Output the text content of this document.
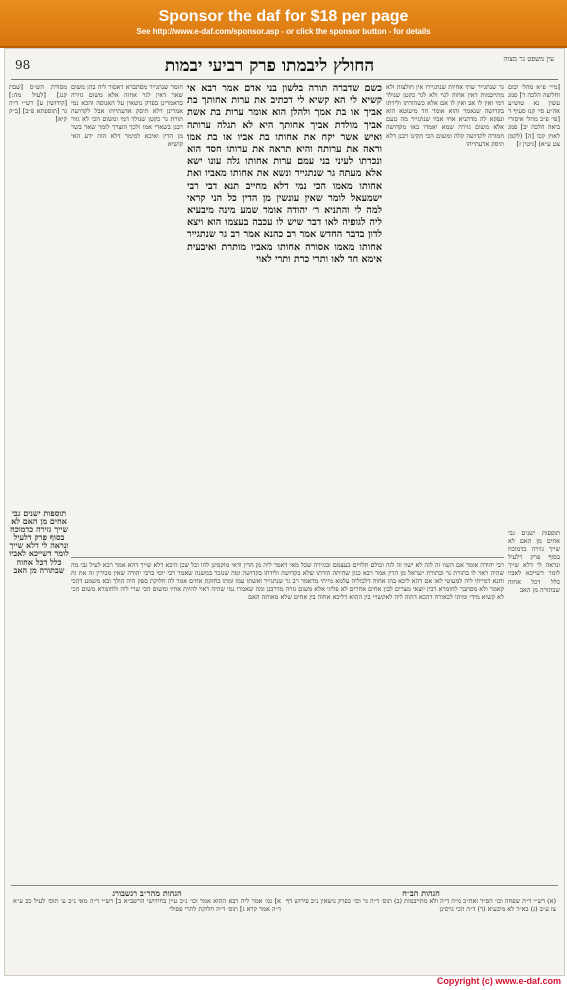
Sponsor the daf for $18 per page
See http://www.e-daf.com/sponsor.asp - or click the sponsor button - for details
98	החולץ ליבמתו פרק רביעי יבמות	עין משפט נר מצוה
מסורת הש״ס [שבת קנג] [לעיל מה:] [קידושין ע] רש״י ד״ה גר [תוספתא פ״ב] [ב״ק קיא]
[מיי׳ פ״א מהל׳ יבום וחליצה הלכה ד] סמג עשין נא טוש״ע אה״ע סי׳ קנז סעיף ד [פי׳ פ״ב מהל׳ איסורי ביאה הלכה יב] סמג לאוין קכו [ה] (לקמן צט ע״א) [גיטין ז]
חומר שנתגייר מסתברא דאסור ליה בהן משום שאר דאין לגר אחוה אלא משום גזירה כדאמרינן בפרק נושאין על האנוסה והכא נמי אמרינן דלא תיסק אדעתייהו אבל לקדושה תורת גר כקטן שנולד דמי ומשום הכי לא גזור רבנן בשארי אמו ולכך הוצרך לומר שאר בשר מן הדין ואיכא למימר דלא הוה ידע האי קושיא
גר שנתגייר שתי אחיות שנתגיירו אין חולצות ולא מתייבמות דאין אחוה לגוי ולא לגר כקטן שנולד דמי ואין לו אב ואין לו אם אלא כשהורתו ולידתו בקדושה שנאמר והוא אומר חד מיעוטא הוא ונפקא לה מדתניא אחי אביו שנתגייר מה טעם אלא משום גזירה שמא יאמרו באו מקדושה חמורה לקדושה קלה ומשום הכי תקינו רבנן דלא תיסק אדעתייהו
כשם שדברה תורה בלשון בני אדם אמר רבא אי קשיא לי הא קשיא לי דכתיב את ערות אחותך בת אביך או בת אמך ולהלן הוא אומר ערות בת אשת אביך מולדת אביך אחותך היא לא תגלה ערותה ואיש אשר יקח את אחותו בת אביו או בת אמו וראה את ערותה והיא תראה את ערותו חסד הוא ונכרתו לעיני בני עמם ערות אחותו גלה עונו ישא אלא מעתה גר שנתגייר ונשא את אחותו מאביו ואת אחותו מאמו הכי נמי דלא מחייב תנא דבי רבי ישמעאל לומר שאין עונשין מן הדין כל הני קראי למה לי והתניא ר׳ יהודה אומר שמע מינה מיבעיא ליה לגופיה לאו דבר שיש לו עכבה בעצמו הוא ויצא לדון בדבר החדש אמר רב כהנא אמר רב גר שנתגייר אחותו מאמו אסורה אחותו מאביו מותרת ואיבעית אימא חד לאו ותרי כרת ותרי לאוי
תוספות ישנים גבי אחים מן האם לא שייך גזירה כדמוכח בסוף פרק דלעיל ונראה לי דלא שייך לומר דשייכא לאביו כלל דכל אחוה שבתורה מן האב
תוספות ישנים גבי אחים מן האם לא שייך גזירה כדמוכח בסוף פרק דלעיל ונראה לי דלא שייך לומר דשייכא לאביו כלל דכל אחוה שבתורה מן האב
רבי יהודה אומר אם השוו זה לזה לא ישוו זה לזה וכולם תלויים בעצמם ובגזירה שכל מאי דאמר ליה מן הדין ודאי מוקמינן להו וכל שכן היכא דלא שייך דהא אמר רבא לעיל גבי מה שהיה ראוי לו בתורת גר ובתורת ישראל מן הדין אמר רבא כגון שהיתה הורתו שלא בקדושה ולידתו בקדושה ומה שנזכר במשנה שאמר רבי יוסי ברבי יהודה שאין מכירין זה את זה ותנא דמייתי ליה למעוטי לאו אם דהא ליכא בהו אחוה דלכוליה עלמא מייתי מדאמר רב גר שנתגייר ואשתו עמו ומתו בחזקת אחים אמר לה חלוקת ספק היה הולך ובא משמע דהכי קאמר ולא מסתבר לחומרא דבין יוצאי מצרים לבין אחים אחרים לא פליגי אלא משום גזרה מדרבנן ומה שאמרו נמי שהיה ראוי להיות אחיו ומשום הכי שרי ליה ולחומרא משום הכי לא קשיא מידי ומיהו לכאורה דהכא דהוה ליה לאקשויי בין ההוא דליכא אחוה בין אחים שלא מאותה האם
הגהות הב״ח
(א) רש״י ד״ה שפחה וכו׳ הס״ד ואח״כ מ״ה ד״ה ולא מתייבמות (ב) תוס׳ ד״ה גר וכו׳ בפרק נושאין נ״ב פירוש דף צז ע״ב (ג) בא״ד לא מיבעיא (ד) ד״ה הכי גרסינן
הגהות מהר״ב רנשבורג
א] גמ׳ אמר ליה רבא ההוא אמר וכו׳ נ״ב עיין בחידושי הרשב״א ב] רש״י ד״ה מאי נ״ב ע׳ תוס׳ לעיל כב ע״א ד״ה אמר קרא ג] תוס׳ ד״ה חלוקת לתרי פסולי
Copyright (c) www.e-daf.com
